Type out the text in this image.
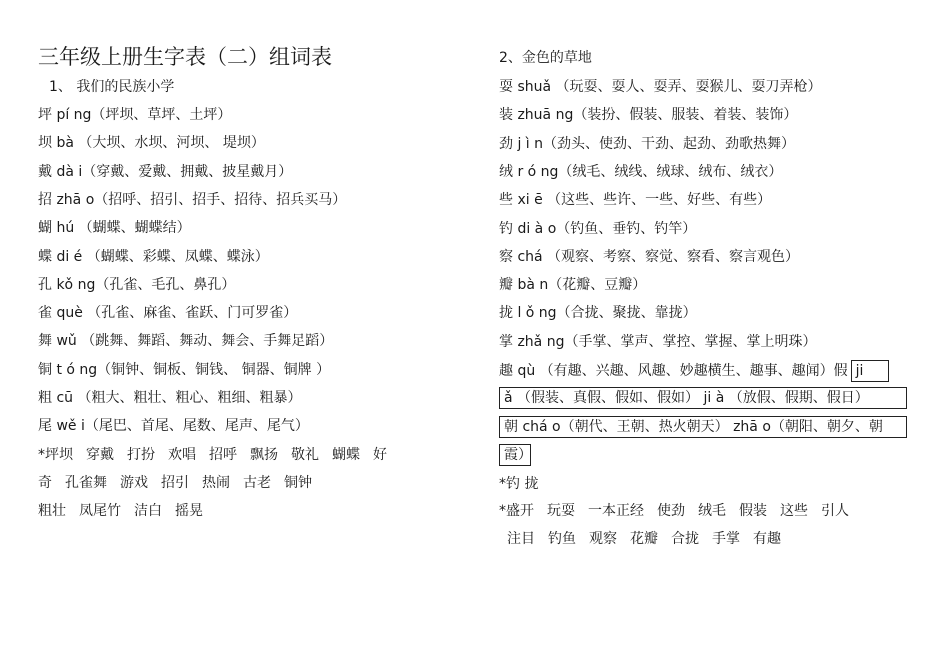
三年级上册生字表（二）组词表
1、 我们的民族小学
坪 pí ng（坪坝、草坪、土坪）
坝 bà （大坝、水坝、河坝、 堤坝）
戴 dà i（穿戴、爱戴、拥戴、披星戴月）
招 zhā o（招呼、招引、招手、招待、招兵买马）
蝴 hú （蝴蝶、蝴蝶结）
蝶 di é （蝴蝶、彩蝶、凤蝶、蝶泳）
孔 kǒ ng（孔雀、毛孔、鼻孔）
雀 què （孔雀、麻雀、雀跃、门可罗雀）
舞 wǔ （跳舞、舞蹈、舞动、舞会、手舞足蹈）
铜 t ó ng（铜钟、铜板、铜钱、 铜器、铜牌 ）
粗 cū （粗大、粗壮、粗心、粗细、粗暴）
尾 wě i（尾巴、首尾、尾数、尾声、尾气）
*坪坝 穿戴 打扮 欢唱 招呼 飘扬 敬礼 蝴蝶 好
奇 孔雀舞 游戏 招引 热闹 古老 铜钟
粗壮 凤尾竹 洁白 摇晃
2、金色的草地
耍 shuǎ （玩耍、耍人、耍弄、耍猴儿、耍刀弄枪）
装 zhuā ng（装扮、假装、服装、着装、装饰）
劲 j ì n（劲头、使劲、干劲、起劲、劲歌热舞）
绒 r ó ng（绒毛、绒线、绒球、绒布、绒衣）
些 xi ē （这些、些许、一些、好些、有些）
钓 di à o（钓鱼、垂钓、钓竿）
察 chá （观察、考察、察觉、察看、察言观色）
瓣 bà n（花瓣、豆瓣）
拢 l ǒ ng（合拢、聚拢、靠拢）
掌 zhǎ ng（手掌、掌声、掌控、掌握、掌上明珠）
趣 qù （有趣、兴趣、风趣、妙趣横生、趣事、趣闻）假ji
ǎ （假装、真假、假如、假如） ji à （放假、假期、假日）
朝 chá o（朝代、王朝、热火朝天） zhā o（朝阳、朝夕、朝
霞）
*钓 拢
*盛开 玩耍 一本正经 使劲 绒毛 假装 这些 引人
注目 钓鱼 观察 花瓣 合拢 手掌 有趣
